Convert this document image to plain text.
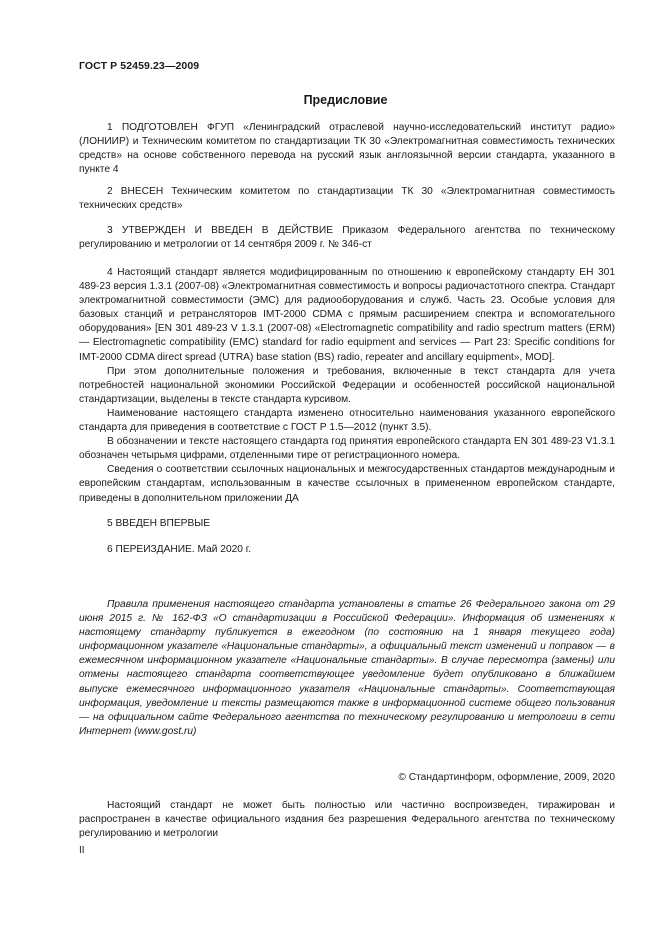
ГОСТ Р 52459.23—2009
Предисловие

1 ПОДГОТОВЛЕН ФГУП «Ленинградский отраслевой научно-исследовательский институт радио» (ЛОНИИР) и Техническим комитетом по стандартизации ТК 30 «Электромагнитная совместимость технических средств» на основе собственного перевода на русский язык англоязычной версии стандарта, указанного в пункте 4

2 ВНЕСЕН Техническим комитетом по стандартизации ТК 30 «Электромагнитная совместимость технических средств»

3 УТВЕРЖДЕН И ВВЕДЕН В ДЕЙСТВИЕ Приказом Федерального агентства по техническому регулированию и метрологии от 14 сентября 2009 г. № 346-ст

4 Настоящий стандарт является модифицированным по отношению к европейскому стандарту ЕН 301 489-23 версия 1.3.1 (2007-08) «Электромагнитная совместимость и вопросы радиочастотного спектра. Стандарт электромагнитной совместимости (ЭМС) для радиооборудования и служб. Часть 23. Особые условия для базовых станций и ретрансляторов IMT-2000 CDMA с прямым расширением спектра и вспомогательного оборудования» [EN 301 489-23 V 1.3.1 (2007-08) «Electromagnetic compatibility and radio spectrum matters (ERM) — Electromagnetic compatibility (EMC) standard for radio equipment and services — Part 23: Specific conditions for IMT-2000 CDMA direct spread (UTRA) base station (BS) radio, repeater and ancillary equipment», MOD].

При этом дополнительные положения и требования, включенные в текст стандарта для учета потребностей национальной экономики Российской Федерации и особенностей российской национальной стандартизации, выделены в тексте стандарта курсивом.

Наименование настоящего стандарта изменено относительно наименования указанного европейского стандарта для приведения в соответствие с ГОСТ Р 1.5—2012 (пункт 3.5).

В обозначении и тексте настоящего стандарта год принятия европейского стандарта EN 301 489-23 V1.3.1 обозначен четырьмя цифрами, отделенными тире от регистрационного номера.

Сведения о соответствии ссылочных национальных и межгосударственных стандартов международным и европейским стандартам, использованным в качестве ссылочных в примененном европейском стандарте, приведены в дополнительном приложении ДА

5 ВВЕДЕН ВПЕРВЫЕ

6 ПЕРЕИЗДАНИЕ. Май 2020 г.

Правила применения настоящего стандарта установлены в статье 26 Федерального закона от 29 июня 2015 г. № 162-ФЗ «О стандартизации в Российской Федерации». Информация об изменениях к настоящему стандарту публикуется в ежегодном (по состоянию на 1 января текущего года) информационном указателе «Национальные стандарты», а официальный текст изменений и поправок — в ежемесячном информационном указателе «Национальные стандарты». В случае пересмотра (замены) или отмены настоящего стандарта соответствующее уведомление будет опубликовано в ближайшем выпуске ежемесячного информационного указателя «Национальные стандарты». Соответствующая информация, уведомление и тексты размещаются также в информационной системе общего пользования — на официальном сайте Федерального агентства по техническому регулированию и метрологии в сети Интернет (www.gost.ru)

© Стандартинформ, оформление, 2009, 2020

Настоящий стандарт не может быть полностью или частично воспроизведен, тиражирован и распространен в качестве официального издания без разрешения Федерального агентства по техническому регулированию и метрологии

II
